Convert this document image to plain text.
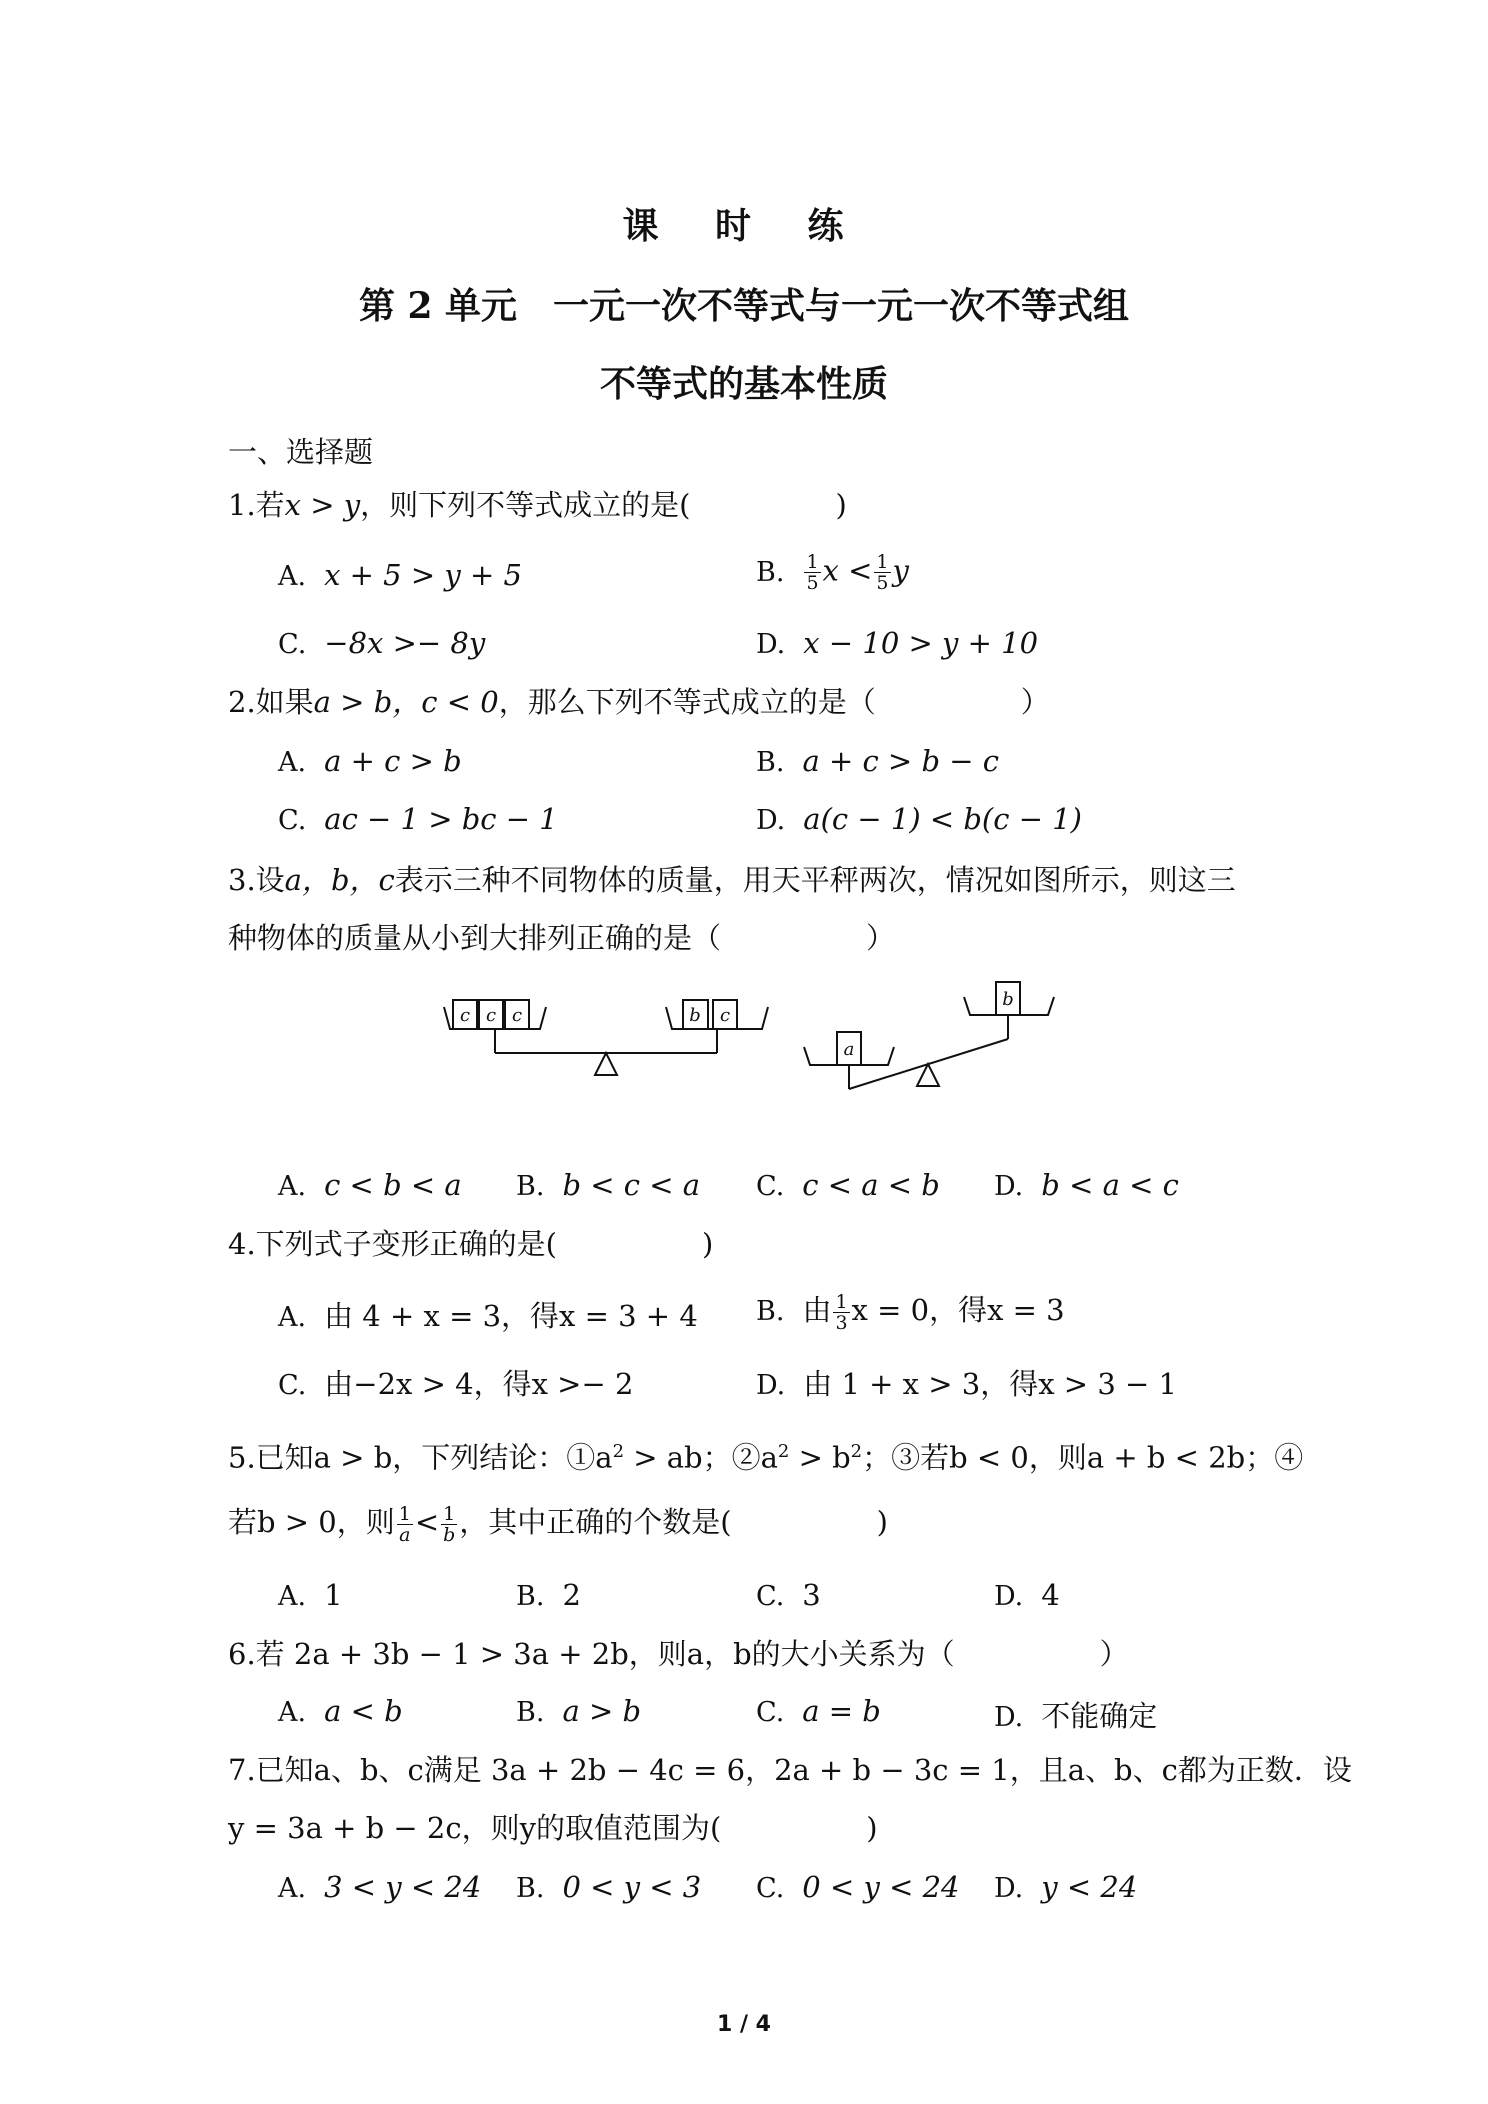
课 时 练
第 2 单元　一元一次不等式与一元一次不等式组
不等式的基本性质
一、选择题
1.若x > y，则下列不等式成立的是(　　　　　)
A. x + 5 > y + 5	B. $\frac{1}{5}$ $x < \frac{1}{5}$ y
C. −8x >− 8y	D. x − 10 > y + 10
2.如果a > b，c < 0，那么下列不等式成立的是（　　　　　）
A. a + c > b	B. a + c > b − c
C. ac − 1 > bc − 1	D. a(c − 1) < b(c − 1)
3.设a，b，c表示三种不同物体的质量，用天平秤两次，情况如图所示，则这三
种物体的质量从小到大排列正确的是（　　　　　）
c c c	b c
a
b
A. c < b < a B. b < c < a C. c < a < b D. b < a < c
4.下列式子变形正确的是(　　　　　)
A. 由 4 + x = 3，得x = 3 + 4 B. 由 $\frac{1}{3}$ x = 0，得x = 3
C. 由−2x > 4，得x >− 2	D. 由 1 + x > 3，得x > 3 − 1
5.已知a > b，下列结论：$①a^2$ > ab；$②a^2 > b^2$；③若b < 0，则a + b < 2b；④
若b > 0，则 $\frac{1}{a}< \frac{1}{b}$，其中正确的个数是(　　　　　)
A. 1	B. 2	C. 3	D. 4
6.若 2a + 3b − 1 > 3a + 2b，则a，b的大小关系为（　　　　　）
A. a < b	B. a > b	C. a = b	D. 不能确定
7.已知a、b、c满足 3a + 2b − 4c = 6，2a + b − 3c = 1，且a、b、c都为正数．设
y = 3a + b − 2c，则y的取值范围为(　　　　　)
A. 3 < y < 24 B. 0 < y < 3 C. 0 < y < 24 D. y < 24
1 / 4
